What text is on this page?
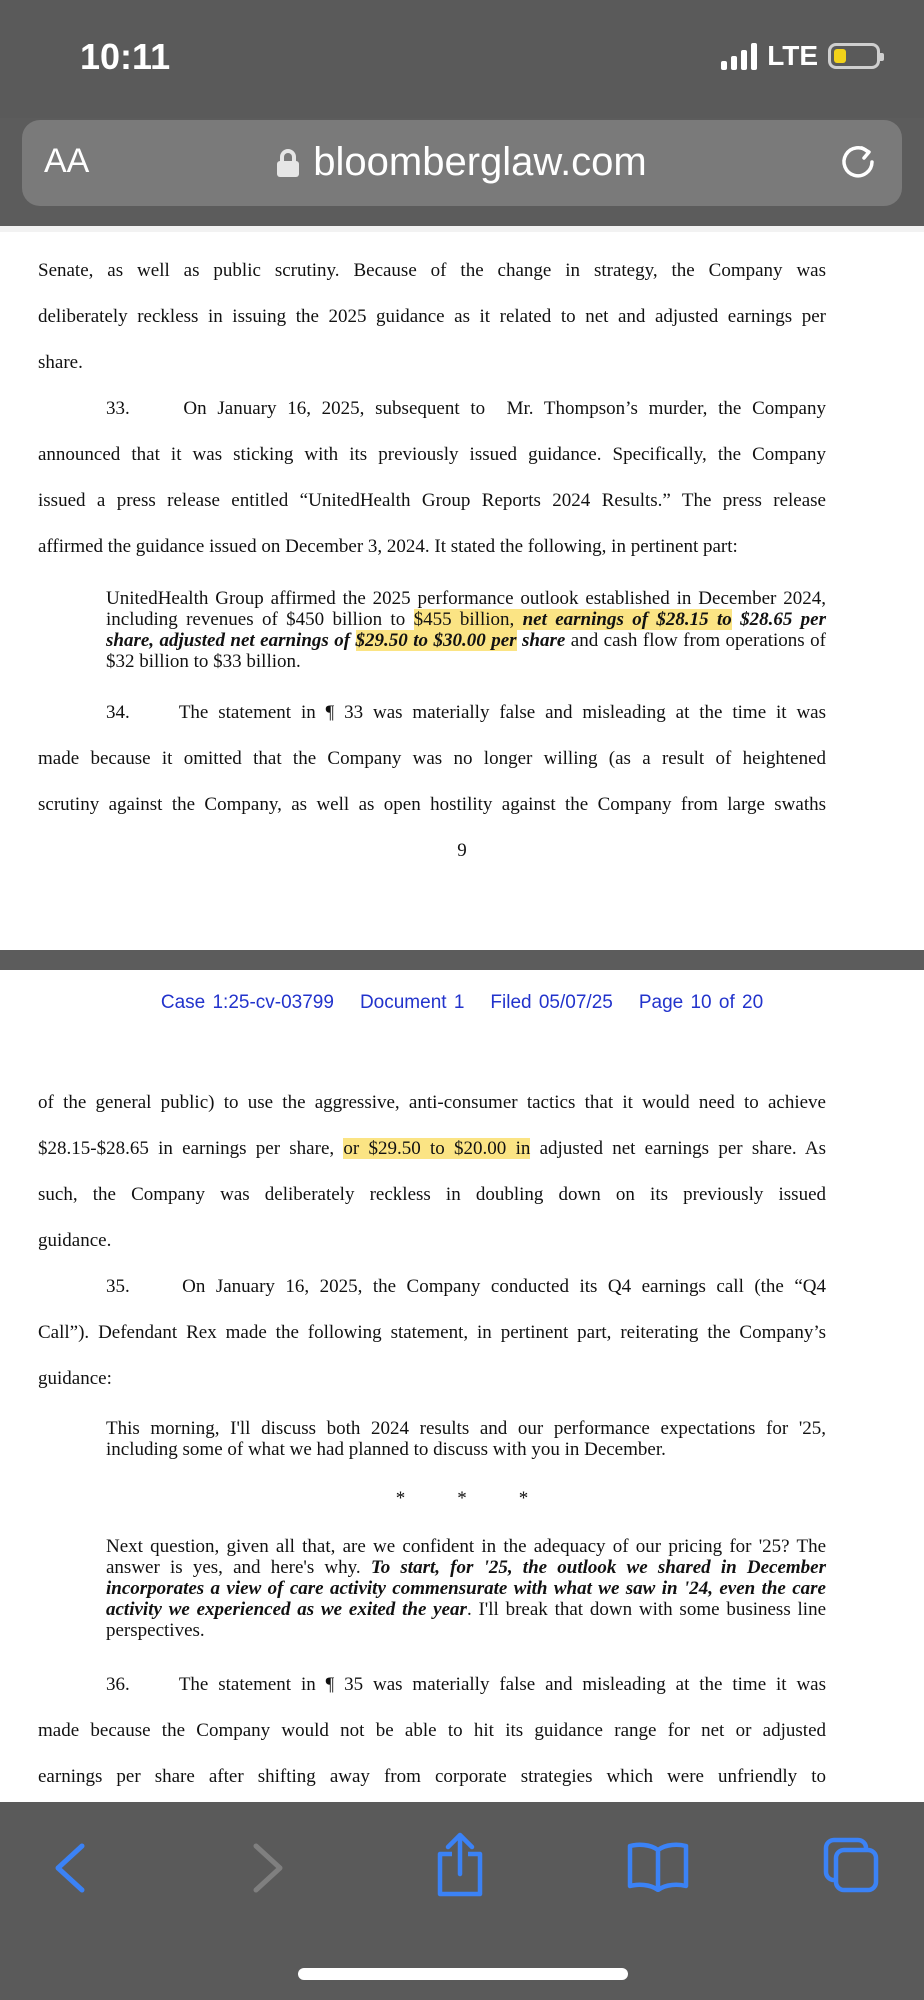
10:11	LTE
AA	bloomberglaw.com
Senate, as well as public scrutiny. Because of the change in strategy, the Company was
deliberately reckless in issuing the 2025 guidance as it related to net and adjusted earnings per
share.
33.     On January 16, 2025, subsequent to  Mr. Thompson’s murder, the Company
announced that it was sticking with its previously issued guidance. Specifically, the Company
issued a press release entitled “UnitedHealth Group Reports 2024 Results.” The press release
affirmed the guidance issued on December 3, 2024. It stated the following, in pertinent part:
UnitedHealth Group affirmed the 2025 performance outlook established in December 2024, including revenues of $450 billion to $455 billion, net earnings of $28.15 to $28.65 per share, adjusted net earnings of $29.50 to $30.00 per share and cash flow from operations of $32 billion to $33 billion.
34.     The statement in ¶ 33 was materially false and misleading at the time it was
made because it omitted that the Company was no longer willing (as a result of heightened
scrutiny against the Company, as well as open hostility against the Company from large swaths
9
Case 1:25-cv-03799 Document 1 Filed 05/07/25 Page 10 of 20
of the general public) to use the aggressive, anti-consumer tactics that it would need to achieve
$28.15-$28.65 in earnings per share, or $29.50 to $20.00 in adjusted net earnings per share. As
such, the Company was deliberately reckless in doubling down on its previously issued
guidance.
35.     On January 16, 2025, the Company conducted its Q4 earnings call (the “Q4
Call”). Defendant Rex made the following statement, in pertinent part, reiterating the Company’s
guidance:
This morning, I'll discuss both 2024 results and our performance expectations for '25, including some of what we had planned to discuss with you in December.
*	*	*
Next question, given all that, are we confident in the adequacy of our pricing for '25? The answer is yes, and here's why. To start, for '25, the outlook we shared in December incorporates a view of care activity commensurate with what we saw in '24, even the care activity we experienced as we exited the year. I'll break that down with some business line perspectives.
36.     The statement in ¶ 35 was materially false and misleading at the time it was
made because the Company would not be able to hit its guidance range for net or adjusted
earnings per share after shifting away from corporate strategies which were unfriendly to
